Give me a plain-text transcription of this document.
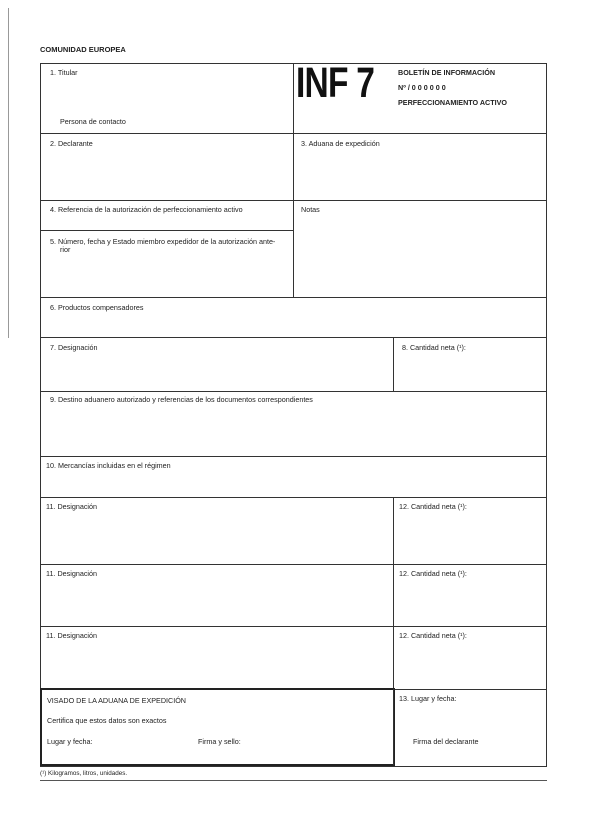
COMUNIDAD EUROPEA
1. Titular
Persona de contacto
INF 7	BOLETÍN DE INFORMACIÓN
Nº / 0 0 0 0 0 0
PERFECCIONAMIENTO ACTIVO
2. Declarante	3. Aduana de expedición
4. Referencia de la autorización de perfeccionamiento activo	Notas
5. Número, fecha y Estado miembro expedidor de la autorización ante-
rior
6. Productos compensadores
7. Designación	8. Cantidad neta (¹):
9. Destino aduanero autorizado y referencias de los documentos correspondientes
10. Mercancías incluidas en el régimen
11. Designación	12. Cantidad neta (¹):
11. Designación	12. Cantidad neta (¹):
11. Designación	12. Cantidad neta (¹):
VISADO DE LA ADUANA DE EXPEDICIÓN
Certifica que estos datos son exactos
Lugar y fecha:	Firma y sello:
13. Lugar y fecha:
Firma del declarante
(¹) Kilogramos, litros, unidades.
